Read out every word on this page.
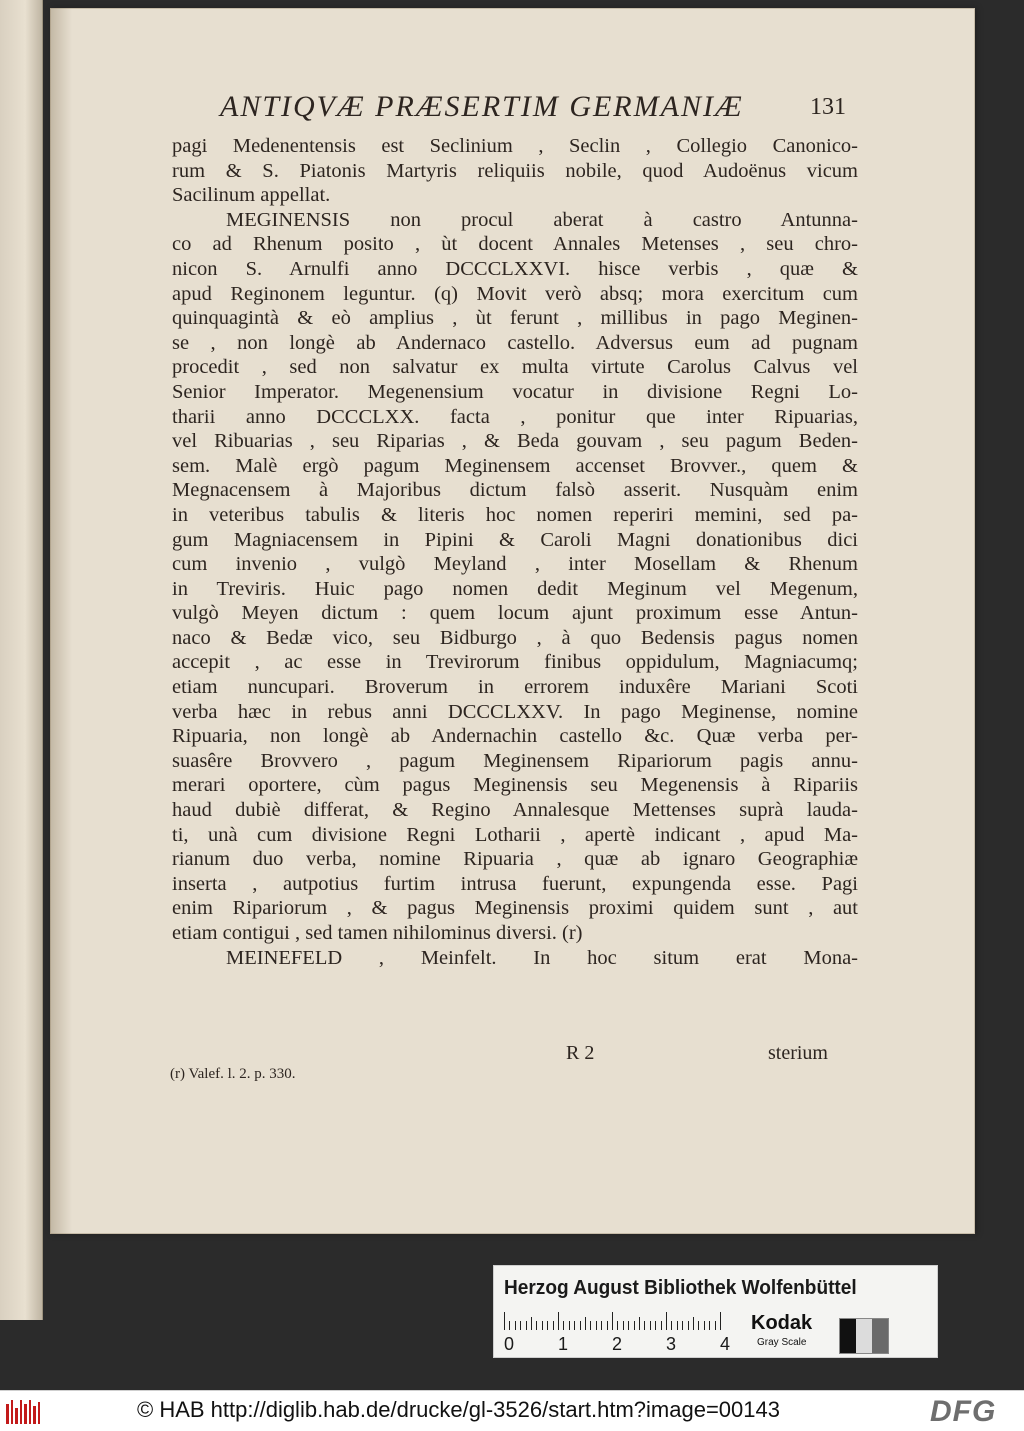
ANTIQVÆ PRÆSERTIM GERMANIÆ	131
pagi Medenentensis est Seclinium , Seclin , Collegio Canonico-
rum & S. Piatonis Martyris reliquiis nobile, quod Audoënus vicum
Sacilinum appellat.
MEGINENSIS non procul aberat à castro Antunna-
co ad Rhenum posito , ùt docent Annales Metenses , seu chro-
nicon S. Arnulfi anno DCCCLXXVI. hisce verbis , quæ &
apud Reginonem leguntur. (q) Movit verò absq; mora exercitum cum
quinquagintà & eò amplius , ùt ferunt , millibus in pago Meginen-
se , non longè ab Andernaco castello. Adversus eum ad pugnam
procedit , sed non salvatur ex multa virtute Carolus Calvus vel
Senior Imperator. Megenensium vocatur in divisione Regni Lo-
tharii anno DCCCLXX. facta , ponitur que inter Ripuarias,
vel Ribuarias , seu Riparias , & Beda gouvam , seu pagum Beden-
sem. Malè ergò pagum Meginensem accenset Brovver., quem &
Megnacensem à Majoribus dictum falsò asserit. Nusquàm enim
in veteribus tabulis & literis hoc nomen reperiri memini, sed pa-
gum Magniacensem in Pipini & Caroli Magni donationibus dici
cum invenio , vulgò Meyland , inter Mosellam & Rhenum
in Treviris. Huic pago nomen dedit Meginum vel Megenum,
vulgò Meyen dictum : quem locum ajunt proximum esse Antun-
naco & Bedæ vico, seu Bidburgo , à quo Bedensis pagus nomen
accepit , ac esse in Trevirorum finibus oppidulum, Magniacumq;
etiam nuncupari. Broverum in errorem induxêre Mariani Scoti
verba hæc in rebus anni DCCCLXXV. In pago Meginense, nomine
Ripuaria, non longè ab Andernachin castello &c. Quæ verba per-
suasêre Brovvero , pagum Meginensem Ripariorum pagis annu-
merari oportere, cùm pagus Meginensis seu Megenensis à Ripariis
haud dubiè differat, & Regino Annalesque Mettenses suprà lauda-
ti, unà cum divisione Regni Lotharii , apertè indicant , apud Ma-
rianum duo verba, nomine Ripuaria , quæ ab ignaro Geographiæ
inserta , autpotius furtim intrusa fuerunt, expungenda esse. Pagi
enim Ripariorum , & pagus Meginensis proximi quidem sunt , aut
etiam contigui , sed tamen nihilominus diversi. (r)
MEINEFELD , Meinfelt. In hoc situm erat Mona-
R 2	sterium
(r) Valef. l. 2. p. 330.
Herzog August Bibliothek Wolfenbüttel
0 1 2 3 4
Kodak
Gray Scale
© HAB http://diglib.hab.de/drucke/gl-3526/start.htm?image=00143	DFG
